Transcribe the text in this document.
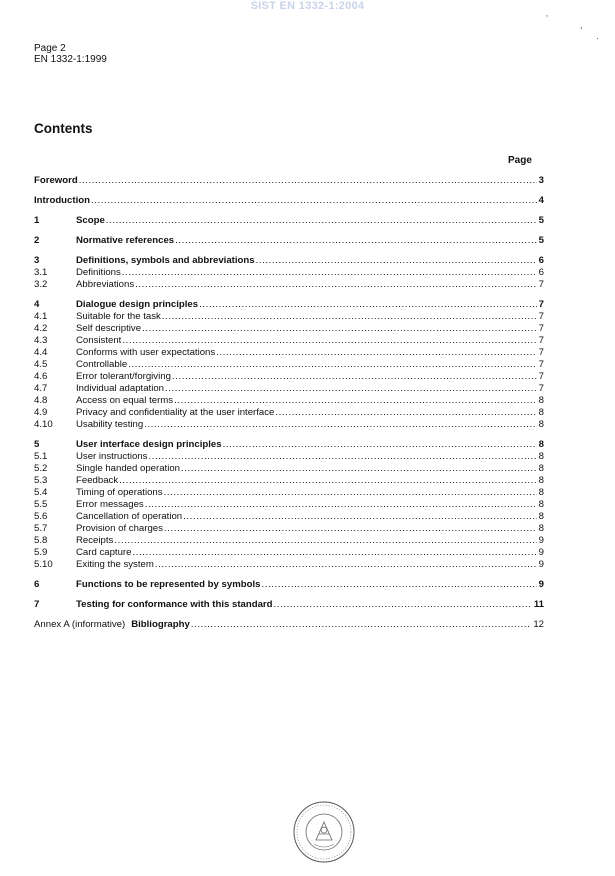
SIST EN 1332-1:2004
ʼ
,
·
Page 2
EN 1332-1:1999
Contents
Page
Foreword .....	3
Introduction .....	4
1	Scope .....	5
2	Normative references .....	5
3	Definitions, symbols and abbreviations .....	6
3.1	Definitions .....	6
3.2	Abbreviations .....	7
4	Dialogue design principles .....	7
4.1	Suitable for the task .....	7
4.2	Self descriptive .....	7
4.3	Consistent .....	7
4.4	Conforms with user expectations .....	7
4.5	Controllable .....	7
4.6	Error tolerant/forgiving .....	7
4.7	Individual adaptation .....	7
4.8	Access on equal terms .....	8
4.9	Privacy and confidentiality at the user interface .....	8
4.10 Usability testing .....	8
5	User interface design principles .....	8
5.1	User instructions .....	8
5.2	Single handed operation .....	8
5.3	Feedback .....	8
5.4	Timing of operations .....	8
5.5	Error messages .....	8
5.6	Cancellation of operation .....	8
5.7	Provision of charges .....	8
5.8	Receipts .....	9
5.9	Card capture .....	9
5.10 Exiting the system .....	9
6	Functions to be represented by symbols .....	9
7	Testing for conformance with this standard .....	11
Annex A (informative) Bibliography .....	12
